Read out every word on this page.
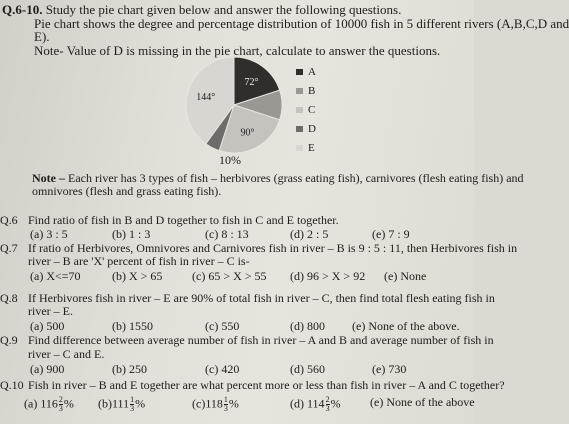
Q.6-10. Study the pie chart given below and answer the following questions.
Pie chart shows the degree and percentage distribution of 10000 fish in 5 different rivers (A,B,C,D and
E).
Note- Value of D is missing in the pie chart, calculate to answer the questions.
72°
90°
144°
10%
A
B
C
D
E
Note – Each river has 3 types of fish – herbivores (grass eating fish), carnivores (flesh eating fish) and
omnivores (flesh and grass eating fish).
Q.6 Find ratio of fish in B and D together to fish in C and E together.
(a) 3 : 5	(b) 1 : 3	(c) 8 : 13	(d) 2 : 5	(e) 7 : 9
Q.7 If ratio of Herbivores, Omnivores and Carnivores fish in river – B is 9 : 5 : 11, then Herbivores fish in
river – B are 'X' percent of fish in river – C is-
(a) X<=70	(b) X > 65 (c) 65 > X > 55 (d) 96 > X > 92 (e) None
Q.8 If Herbivores fish in river – E are 90% of total fish in river – C, then find total flesh eating fish in
river – E.
(a) 500	(b) 1550	(c) 550	(d) 800 (e) None of the above.
Q.9 Find difference between average number of fish in river – A and B and average number of fish in
river – C and E.
(a) 900	(b) 250	(c) 420	(d) 560	(e) 730
Q.10 Fish in river – B and E together are what percent more or less than fish in river – A and C together?
(a) $116 \frac{2}{3}$ % $(b)111 \frac{1}{3}$ %	$(c)118 \frac{1}{3}$ %	(d) $114 \frac{2}{3}$ % (e) None of the above
